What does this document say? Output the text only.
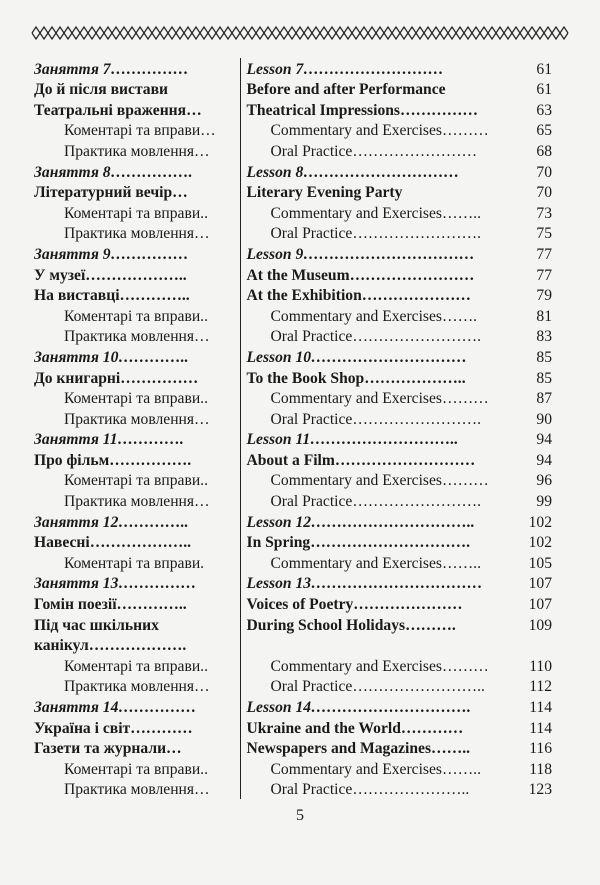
Заняття 7……………	Lesson 7………………………	61
До й після вистави	Before and after Performance	61
Театральні враження…	Theatrical Impressions……………	63
Коментарі та вправи…	Commentary and Exercises………	65
Практика мовлення…	Oral Practice……………………	68
Заняття 8…………….	Lesson 8…………………………	70
Літературний вечір…	Literary Evening Party	70
Коментарі та вправи..	Commentary and Exercises……..	73
Практика мовлення…	Oral Practice…………………….	75
Заняття 9……………	Lesson 9……………………………	77
У музеї………………..	At the Museum……………………	77
На виставці…………..	At the Exhibition…………………	79
Коментарі та вправи..	Commentary and Exercises…….	81
Практика мовлення…	Oral Practice…………………….	83
Заняття 10…………..	Lesson 10…………………………	85
До книгарні……………	To the Book Shop………………..	85
Коментарі та вправи..	Commentary and Exercises………	87
Практика мовлення…	Oral Practice…………………….	90
Заняття 11………….	Lesson 11………………………..	94
Про фільм…………….	About a Film………………………	94
Коментарі та вправи..	Commentary and Exercises………	96
Практика мовлення…	Oral Practice…………………….	99
Заняття 12…………..	Lesson 12…………………………..	102
Навесні………………..	In Spring………………………….	102
Коментарі та вправи.	Commentary and Exercises……..	105
Заняття 13……………	Lesson 13……………………………	107
Гомін поезії…………..	Voices of Poetry…………………	107
Під час шкільних	During School Holidays……….	109
канікул……………….		
Коментарі та вправи..	Commentary and Exercises………	110
Практика мовлення…	Oral Practice……………………..	112
Заняття 14……………	Lesson 14………………………….	114
Україна і світ…………	Ukraine and the World…………	114
Газети та журнали…	Newspapers and Magazines……..	116
Коментарі та вправи..	Commentary and Exercises……..	118
Практика мовлення…	Oral Practice…………………..	123
5
